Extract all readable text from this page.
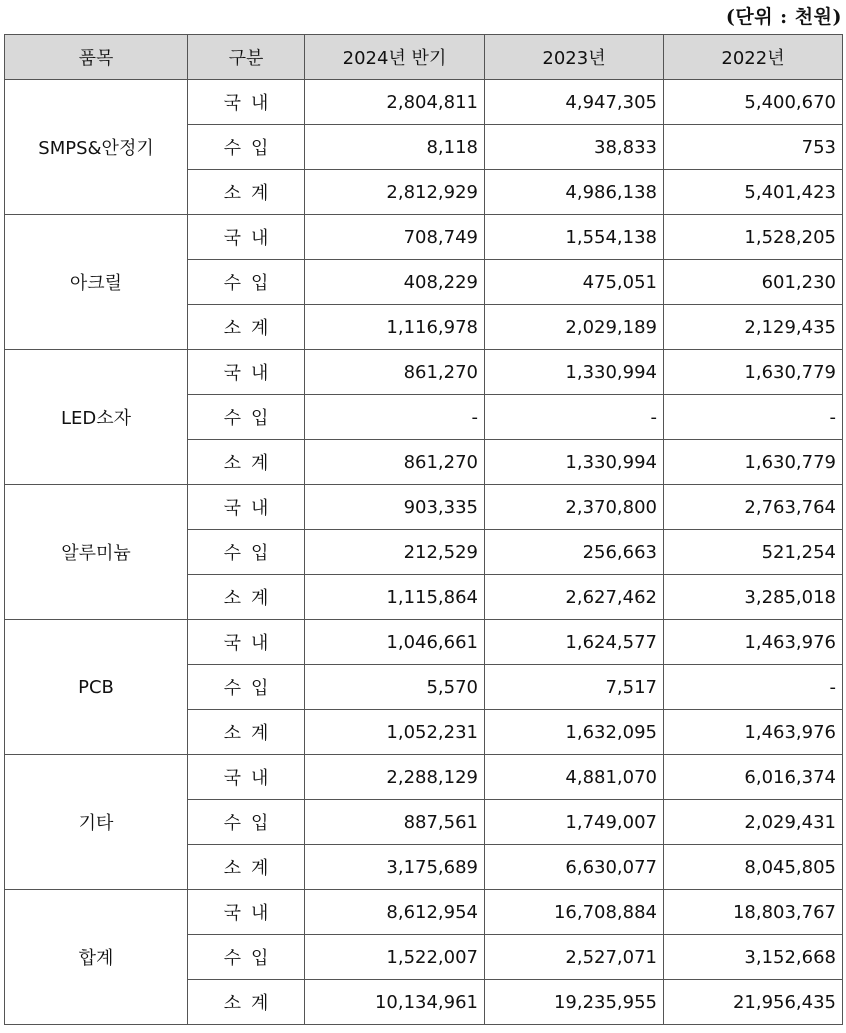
(단위 : 천원)
품목	구분	2024년 반기	2023년	2022년
SMPS&안정기	국내	2,804,811	4,947,305	5,400,670
	수입	8,118	38,833	753
	소계	2,812,929	4,986,138	5,401,423
아크릴	국내	708,749	1,554,138	1,528,205
	수입	408,229	475,051	601,230
	소계	1,116,978	2,029,189	2,129,435
LED소자	국내	861,270	1,330,994	1,630,779
	수입	-	-	-
	소계	861,270	1,330,994	1,630,779
알루미늄	국내	903,335	2,370,800	2,763,764
	수입	212,529	256,663	521,254
	소계	1,115,864	2,627,462	3,285,018
PCB	국내	1,046,661	1,624,577	1,463,976
	수입	5,570	7,517	-
	소계	1,052,231	1,632,095	1,463,976
기타	국내	2,288,129	4,881,070	6,016,374
	수입	887,561	1,749,007	2,029,431
	소계	3,175,689	6,630,077	8,045,805
합계	국내	8,612,954	16,708,884	18,803,767
	수입	1,522,007	2,527,071	3,152,668
	소계	10,134,961	19,235,955	21,956,435
